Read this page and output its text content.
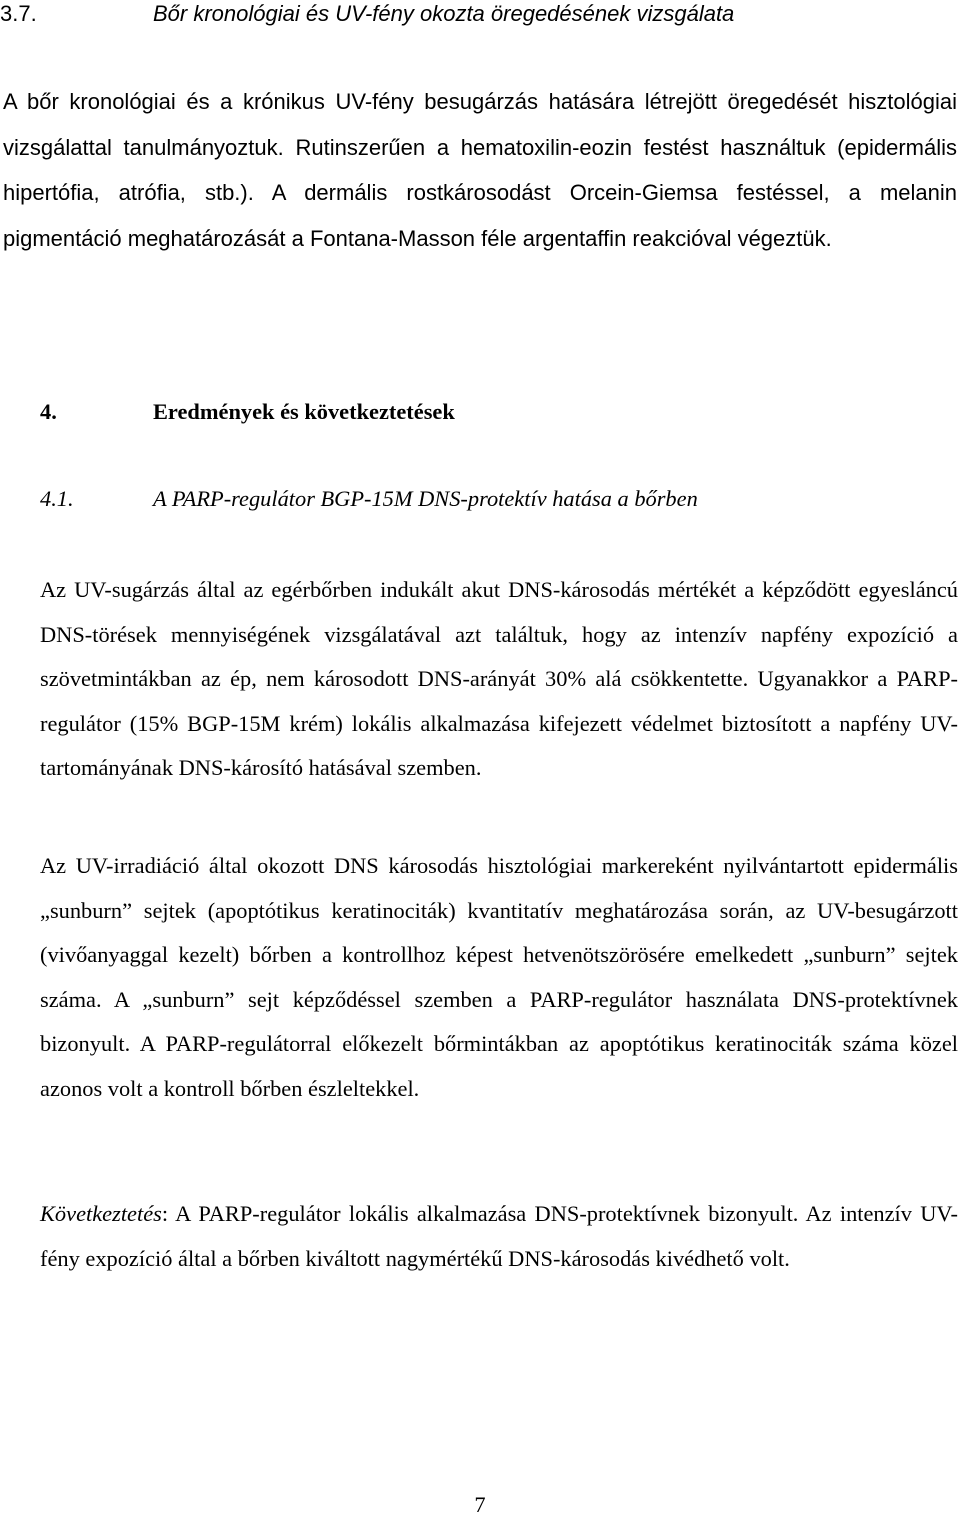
3.7.	Bőr kronológiai és UV-fény okozta öregedésének vizsgálata

A bőr kronológiai és a krónikus UV-fény besugárzás hatására létrejött öregedését hisztológiai vizsgálattal tanulmányoztuk. Rutinszerűen a hematoxilin-eozin festést használtuk (epidermális hipertófia, atrófia, stb.). A dermális rostkárosodást Orcein-Giemsa festéssel, a melanin pigmentáció meghatározását a Fontana-Masson féle argentaffin reakcióval végeztük.

4.	Eredmények és következtetések
4.1.	A PARP-regulátor BGP-15M DNS-protektív hatása a bőrben

Az UV-sugárzás által az egérbőrben indukált akut DNS-károsodás mértékét a képződött egyesláncú DNS-törések mennyiségének vizsgálatával azt találtuk, hogy az intenzív napfény expozíció a szövetmintákban az ép, nem károsodott DNS-arányát 30% alá csökkentette. Ugyanakkor a PARP-regulátor (15% BGP-15M krém) lokális alkalmazása kifejezett védelmet biztosított a napfény UV-tartományának DNS-károsító hatásával szemben.

Az UV-irradiáció által okozott DNS károsodás hisztológiai markereként nyilvántartott epidermális „sunburn” sejtek (apoptótikus keratinociták) kvantitatív meghatározása során, az UV-besugárzott (vivőanyaggal kezelt) bőrben a kontrollhoz képest hetvenötszörösére emelkedett „sunburn” sejtek száma. A „sunburn” sejt képződéssel szemben a PARP-regulátor használata DNS-protektívnek bizonyult. A PARP-regulátorral előkezelt bőrmintákban az apoptótikus keratinociták száma közel azonos volt a kontroll bőrben észleltekkel.

Következtetés: A PARP-regulátor lokális alkalmazása DNS-protektívnek bizonyult. Az intenzív UV-fény expozíció által a bőrben kiváltott nagymértékű DNS-károsodás kivédhető volt.

7
